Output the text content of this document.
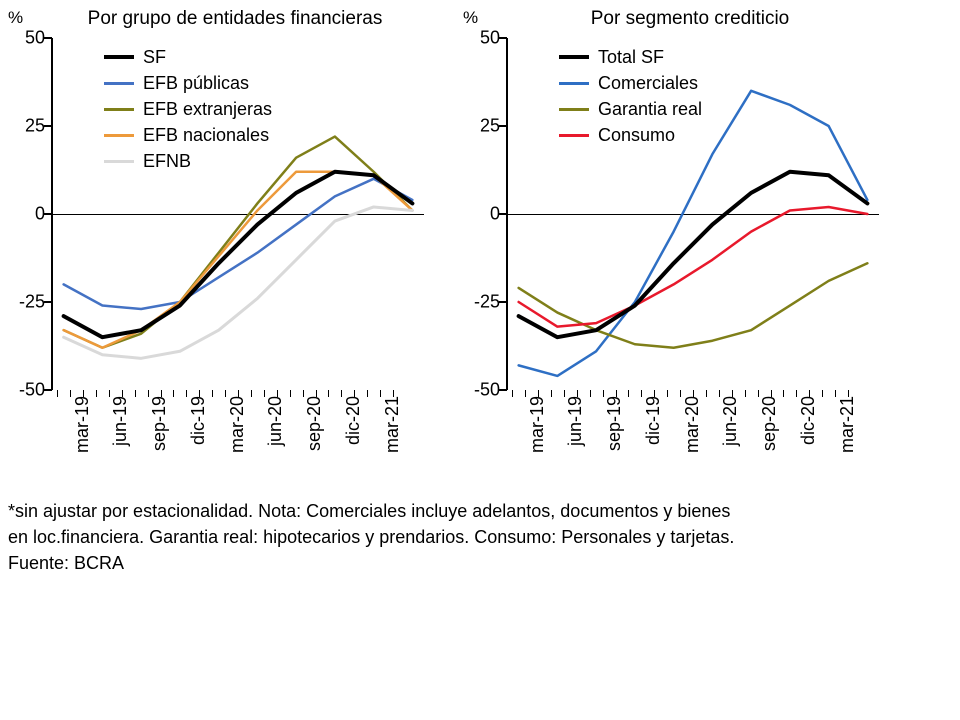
%	Por grupo de entidades financieras
50
25
0
-25
-50
SF
EFB públicas
EFB extranjeras
EFB nacionales
EFNB
mar-19 jun-19 sep-19 dic-19 mar-20 jun-20 sep-20 dic-20 mar-21
%	Por segmento crediticio
50
25
0
-25
-50
Total SF
Comerciales
Garantia real
Consumo
mar-19 jun-19 sep-19 dic-19 mar-20 jun-20 sep-20 dic-20 mar-21
*sin ajustar por estacionalidad. Nota: Comerciales incluye adelantos, documentos y bienes
en loc.financiera. Garantia real: hipotecarios y prendarios. Consumo: Personales y tarjetas.
Fuente: BCRA
